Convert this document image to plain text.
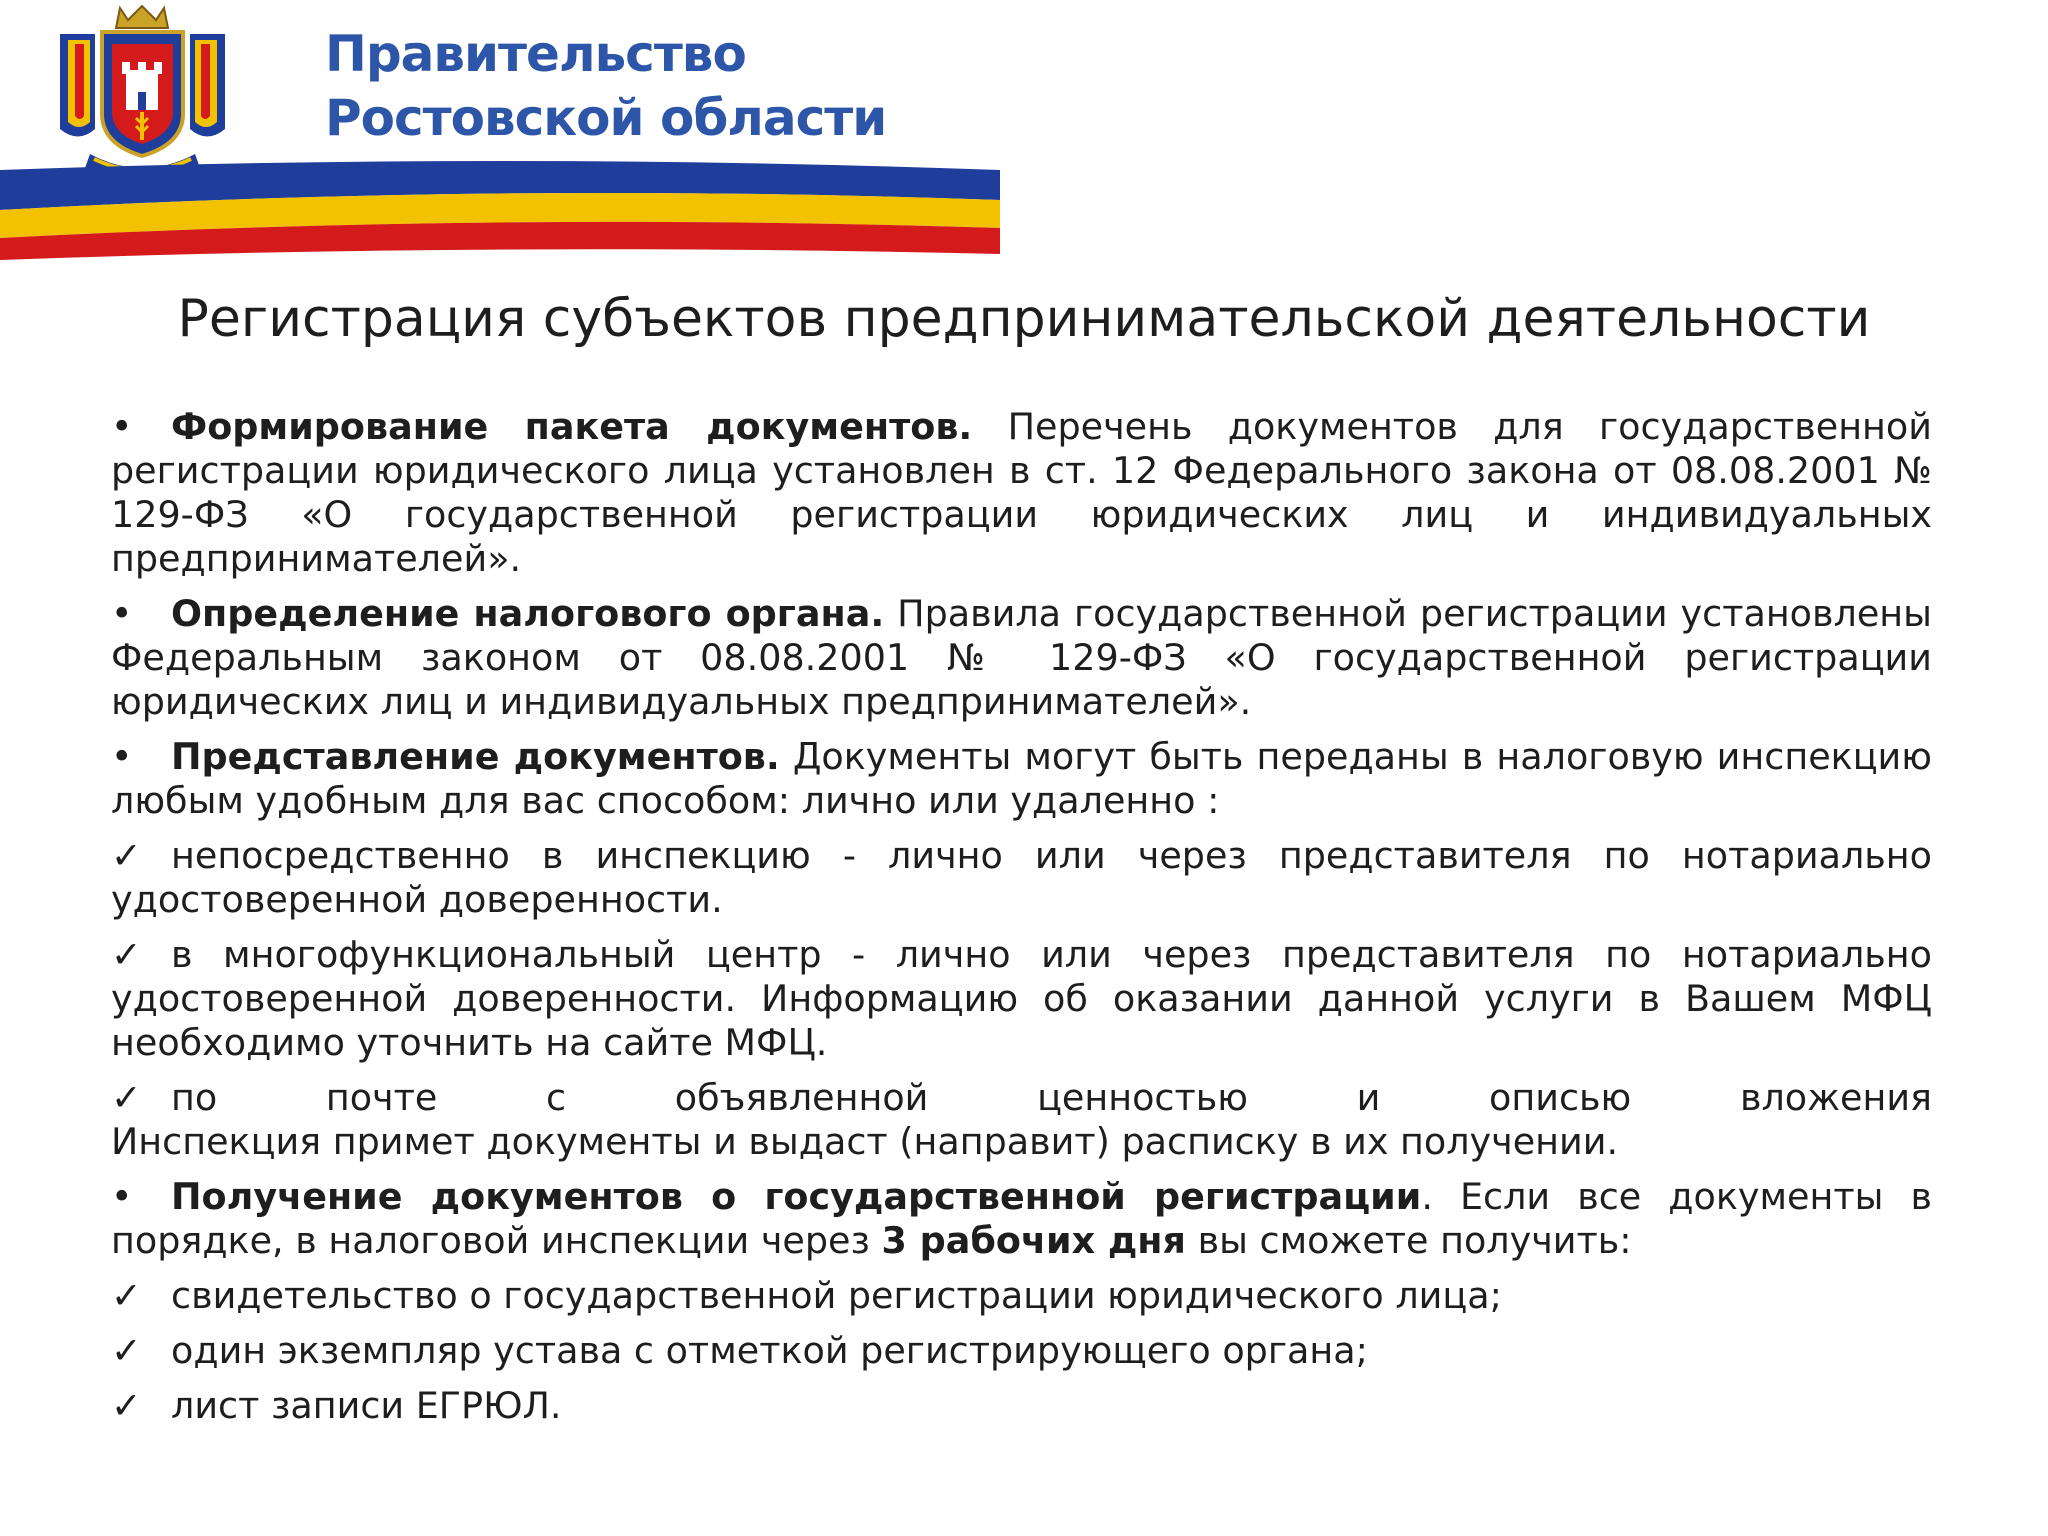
Правительство
Ростовской области
Регистрация субъектов предпринимательской деятельности
• Формирование пакета документов. Перечень документов для государственной регистрации юридического лица установлен в ст. 12 Федерального закона от 08.08.2001 № 129-ФЗ «О государственной регистрации юридических лиц и индивидуальных предпринимателей».
• Определение налогового органа. Правила государственной регистрации установлены Федеральным законом от 08.08.2001 № 129-ФЗ «О государственной регистрации юридических лиц и индивидуальных предпринимателей».
• Представление документов. Документы могут быть переданы в налоговую инспекцию любым удобным для вас способом: лично или удаленно :
✓ непосредственно в инспекцию - лично или через представителя по нотариально удостоверенной доверенности.
✓ в многофункциональный центр - лично или через представителя по нотариально удостоверенной доверенности. Информацию об оказании данной услуги в Вашем МФЦ необходимо уточнить на сайте МФЦ.
✓ по почте с объявленной ценностью и описью вложения
Инспекция примет документы и выдаст (направит) расписку в их получении.
• Получение документов о государственной регистрации. Если все документы в порядке, в налоговой инспекции через 3 рабочих дня вы сможете получить:
✓ свидетельство о государственной регистрации юридического лица;
✓ один экземпляр устава с отметкой регистрирующего органа;
✓ лист записи ЕГРЮЛ.
